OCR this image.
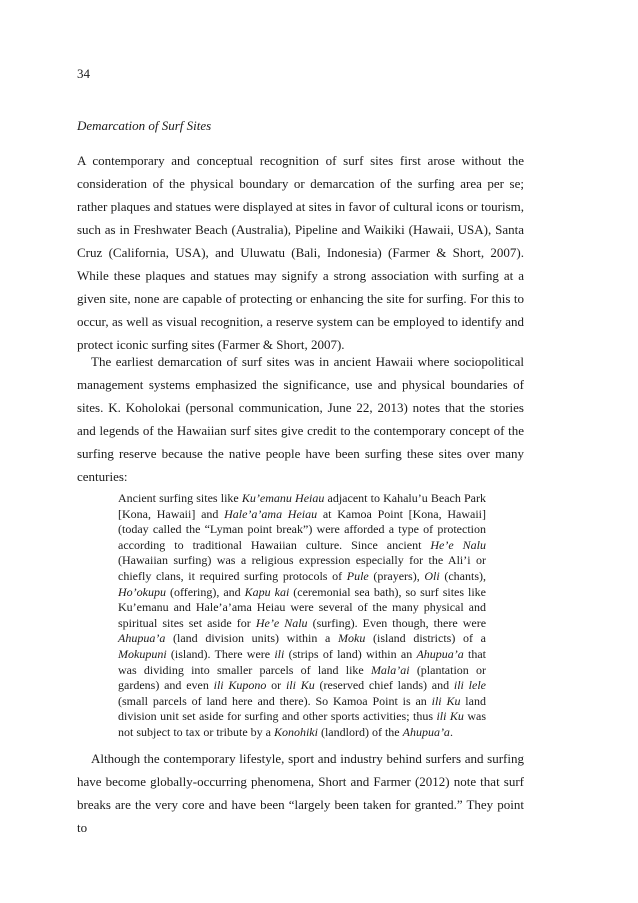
34
Demarcation of Surf Sites

A contemporary and conceptual recognition of surf sites first arose without the consideration of the physical boundary or demarcation of the surfing area per se; rather plaques and statues were displayed at sites in favor of cultural icons or tourism, such as in Freshwater Beach (Australia), Pipeline and Waikiki (Hawaii, USA), Santa Cruz (California, USA), and Uluwatu (Bali, Indonesia) (Farmer & Short, 2007). While these plaques and statues may signify a strong association with surfing at a given site, none are capable of protecting or enhancing the site for surfing. For this to occur, as well as visual recognition, a reserve system can be employed to identify and protect iconic surfing sites (Farmer & Short, 2007).

The earliest demarcation of surf sites was in ancient Hawaii where sociopolitical management systems emphasized the significance, use and physical boundaries of sites. K. Koholokai (personal communication, June 22, 2013) notes that the stories and legends of the Hawaiian surf sites give credit to the contemporary concept of the surfing reserve because the native people have been surfing these sites over many centuries:

Ancient surfing sites like Ku’emanu Heiau adjacent to Kahalu’u Beach Park [Kona, Hawaii] and Hale’a’ama Heiau at Kamoa Point [Kona, Hawaii] (today called the “Lyman point break”) were afforded a type of protection according to traditional Hawaiian culture. Since ancient He’e Nalu (Hawaiian surfing) was a religious expression especially for the Ali’i or chiefly clans, it required surfing protocols of Pule (prayers), Oli (chants), Ho’okupu (offering), and Kapu kai (ceremonial sea bath), so surf sites like Ku’emanu and Hale’a’ama Heiau were several of the many physical and spiritual sites set aside for He’e Nalu (surfing). Even though, there were Ahupua’a (land division units) within a Moku (island districts) of a Mokupuni (island). There were ili (strips of land) within an Ahupua’a that was dividing into smaller parcels of land like Mala’ai (plantation or gardens) and even ili Kupono or ili Ku (reserved chief lands) and ili lele (small parcels of land here and there). So Kamoa Point is an ili Ku land division unit set aside for surfing and other sports activities; thus ili Ku was not subject to tax or tribute by a Konohiki (landlord) of the Ahupua’a.

Although the contemporary lifestyle, sport and industry behind surfers and surfing have become globally-occurring phenomena, Short and Farmer (2012) note that surf breaks are the very core and have been “largely been taken for granted.” They point to
